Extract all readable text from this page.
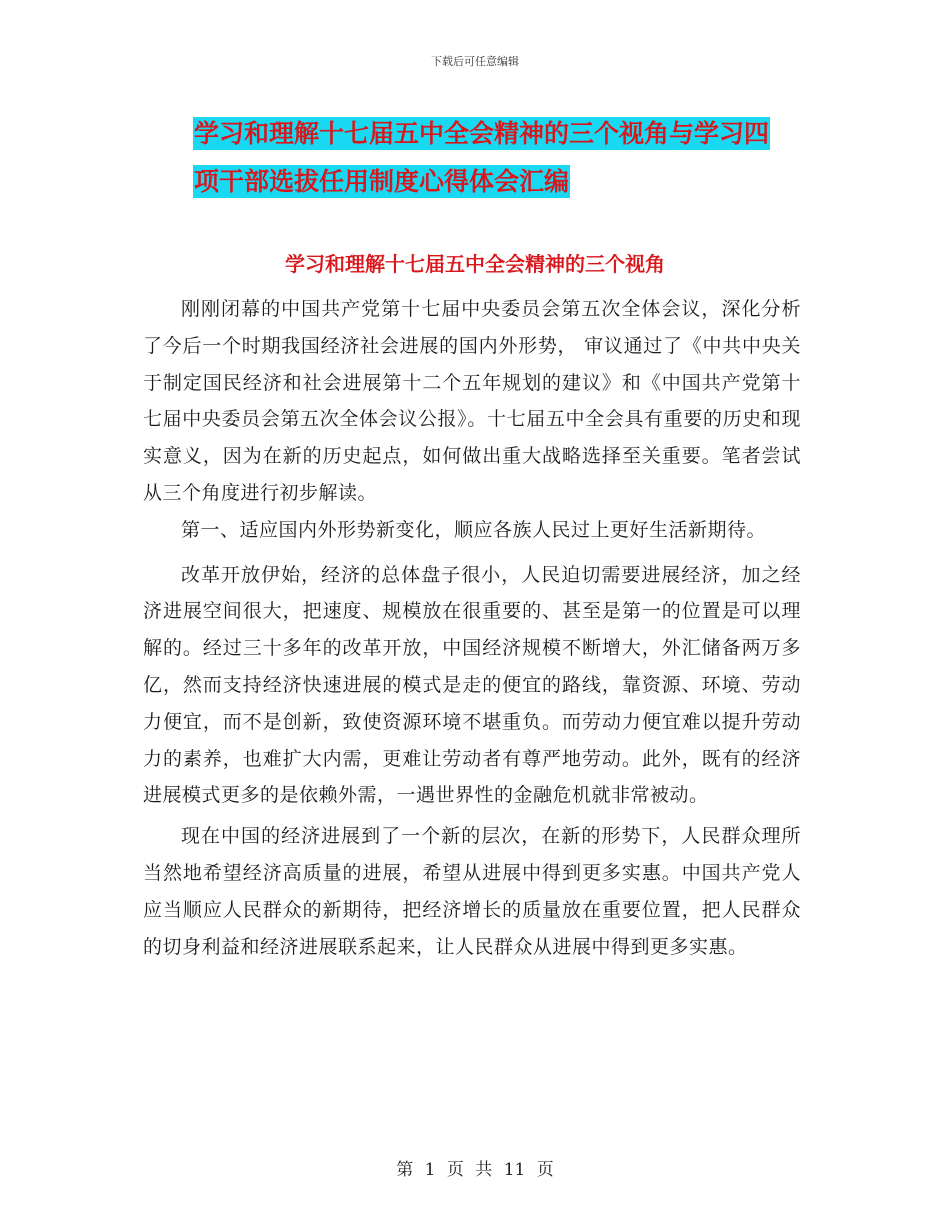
下载后可任意编辑
学习和理解十七届五中全会精神的三个视角与学习四
项干部选拔任用制度心得体会汇编
学习和理解十七届五中全会精神的三个视角

刚刚闭幕的中国共产党第十七届中央委员会第五次全体会议，深化分析了今后一个时期我国经济社会进展的国内外形势， 审议通过了《中共中央关于制定国民经济和社会进展第十二个五年规划的建议》和《中国共产党第十七届中央委员会第五次全体会议公报》。十七届五中全会具有重要的历史和现实意义，因为在新的历史起点，如何做出重大战略选择至关重要。笔者尝试从三个角度进行初步解读。

第一、适应国内外形势新变化，顺应各族人民过上更好生活新期待。

改革开放伊始，经济的总体盘子很小，人民迫切需要进展经济，加之经济进展空间很大，把速度、规模放在很重要的、甚至是第一的位置是可以理解的。经过三十多年的改革开放，中国经济规模不断增大，外汇储备两万多亿，然而支持经济快速进展的模式是走的便宜的路线，靠资源、环境、劳动力便宜，而不是创新，致使资源环境不堪重负。而劳动力便宜难以提升劳动力的素养，也难扩大内需，更难让劳动者有尊严地劳动。此外，既有的经济进展模式更多的是依赖外需，一遇世界性的金融危机就非常被动。

现在中国的经济进展到了一个新的层次，在新的形势下，人民群众理所当然地希望经济高质量的进展，希望从进展中得到更多实惠。中国共产党人应当顺应人民群众的新期待，把经济增长的质量放在重要位置，把人民群众的切身利益和经济进展联系起来，让人民群众从进展中得到更多实惠。

第 1 页 共 11 页
